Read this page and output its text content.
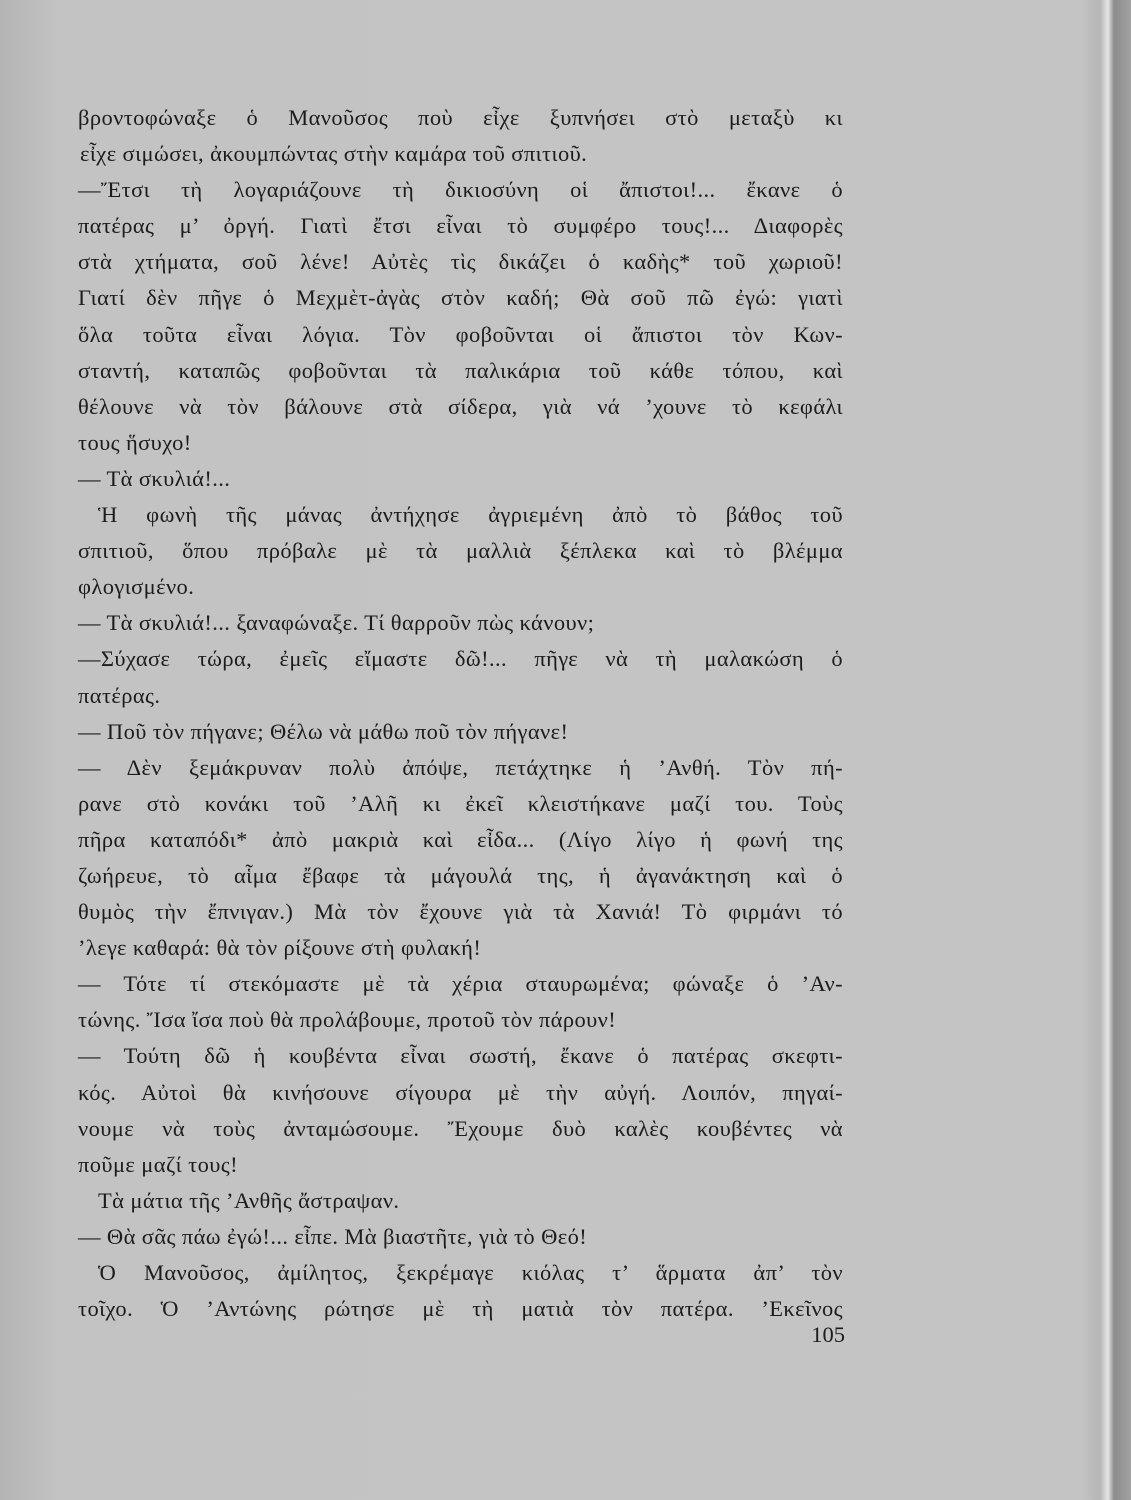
βροντοφώναξε ὁ Μανοῦσος ποὺ εἶχε ξυπνήσει στὸ μεταξὺ κι
εἶχε σιμώσει, ἀκουμπώντας στὴν καμάρα τοῦ σπιτιοῦ.
—Ἔτσι τὴ λογαριάζουνε τὴ δικιοσύνη οἱ ἄπιστοι!... ἔκανε ὁ
πατέρας μ’ ὀργή. Γιατὶ ἔτσι εἶναι τὸ συμφέρο τους!... Διαφορὲς
στὰ χτήματα, σοῦ λένε! Αὐτὲς τὶς δικάζει ὁ καδὴς* τοῦ χωριοῦ!
Γιατί δὲν πῆγε ὁ Μεχμὲτ-ἀγὰς στὸν καδή; Θὰ σοῦ πῶ ἐγώ: γιατὶ
ὅλα τοῦτα εἶναι λόγια. Τὸν φοβοῦνται οἱ ἄπιστοι τὸν Κων-
σταντή, καταπῶς φοβοῦνται τὰ παλικάρια τοῦ κάθε τόπου, καὶ
θέλουνε νὰ τὸν βάλουνε στὰ σίδερα, γιὰ νά ’χουνε τὸ κεφάλι
τους ἥσυχο!
— Τὰ σκυλιά!...
Ἡ φωνὴ τῆς μάνας ἀντήχησε ἀγριεμένη ἀπὸ τὸ βάθος τοῦ
σπιτιοῦ, ὅπου πρόβαλε μὲ τὰ μαλλιὰ ξέπλεκα καὶ τὸ βλέμμα
φλογισμένο.
— Τὰ σκυλιά!... ξαναφώναξε. Τί θαρροῦν πὼς κάνουν;
—Σύχασε τώρα, ἐμεῖς εἴμαστε δῶ!... πῆγε νὰ τὴ μαλακώση ὁ
πατέρας.
— Ποῦ τὸν πήγανε; Θέλω νὰ μάθω ποῦ τὸν πήγανε!
— Δὲν ξεμάκρυναν πολὺ ἀπόψε, πετάχτηκε ἡ ’Ανθή. Τὸν πή-
ρανε στὸ κονάκι τοῦ ’Αλῆ κι ἐκεῖ κλειστήκανε μαζί του. Τοὺς
πῆρα καταπόδι* ἀπὸ μακριὰ καὶ εἶδα... (Λίγο λίγο ἡ φωνή της
ζωήρευε, τὸ αἷμα ἔβαφε τὰ μάγουλά της, ἡ ἀγανάκτηση καὶ ὁ
θυμὸς τὴν ἔπνιγαν.) Μὰ τὸν ἔχουνε γιὰ τὰ Χανιά! Τὸ φιρμάνι τό
’λεγε καθαρά: θὰ τὸν ρίξουνε στὴ φυλακή!
— Τότε τί στεκόμαστε μὲ τὰ χέρια σταυρωμένα; φώναξε ὁ ’Αν-
τώνης. Ἴσα ἴσα ποὺ θὰ προλάβουμε, προτοῦ τὸν πάρουν!
— Τούτη δῶ ἡ κουβέντα εἶναι σωστή, ἔκανε ὁ πατέρας σκεφτι-
κός. Αὐτοὶ θὰ κινήσουνε σίγουρα μὲ τὴν αὐγή. Λοιπόν, πηγαί-
νουμε νὰ τοὺς ἀνταμώσουμε. Ἔχουμε δυὸ καλὲς κουβέντες νὰ
ποῦμε μαζί τους!
Τὰ μάτια τῆς ’Ανθῆς ἄστραψαν.
— Θὰ σᾶς πάω ἐγώ!... εἶπε. Μὰ βιαστῆτε, γιὰ τὸ Θεό!
Ὁ Μανοῦσος, ἀμίλητος, ξεκρέμαγε κιόλας τ’ ἅρματα ἀπ’ τὸν
τοῖχο. Ὁ ’Αντώνης ρώτησε μὲ τὴ ματιὰ τὸν πατέρα. ’Εκεῖνος
105
